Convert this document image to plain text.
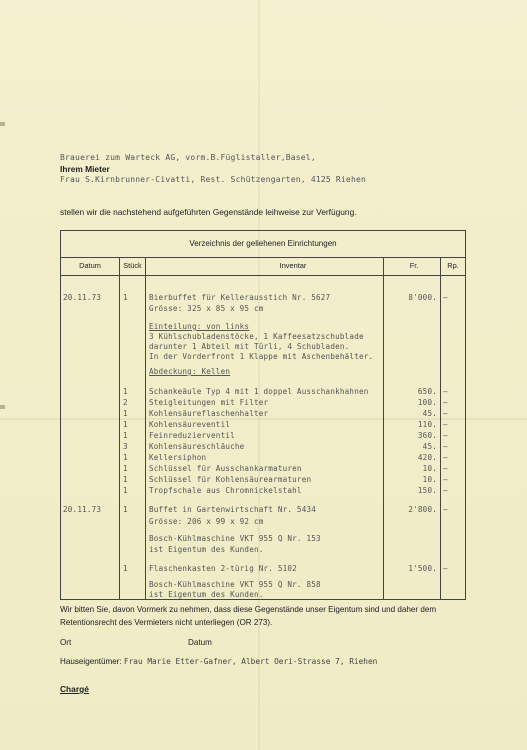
Brauerei zum Warteck AG, vorm.B.Füglistaller,Basel,
Ihrem Mieter
Frau S.Kirnbrunner-Civatti, Rest. Schützengarten, 4125 Riehen
stellen wir die nachstehend aufgeführten Gegenstände leihweise zur Verfügung.
Verzeichnis der geliehenen Einrichtungen
Datum	Stück	Inventar	Fr.	Rp.
20.11.73	1	Bierbuffet für Kellerausstich Nr. 5627	8'000. —
Grösse: 325 x 85 x 95 cm
Einteilung: von links
3 Kühlschubladenstöcke, 1 Kaffeesatzschublade
darunter 1 Abteil mit Türli, 4 Schubladen.
In der Vorderfront 1 Klappe mit Aschenbehälter.
Abdeckung: Kellen
1	Schankeäule Typ 4 mit 1 doppel Ausschankhahnen	650. —
2	Steigleitungen mit Filter	100. —
1	Kohlensäureflaschenhalter	45. —
1	Kohlensäureventil	110. —
1	Feinreduzierventil	360. —
3	Kohlensäureschläuche	45. —
1	Kellersiphon	420. —
1	Schlüssel für Ausschankarmaturen	10. —
1	Schlüssel für Kohlensäurearmaturen	10. —
1	Tropfschale aus Chromnickelstahl	150. —
20.11.73	1	Buffet in Gartenwirtschaft Nr. 5434	2'800. —
Grösse: 206 x 99 x 92 cm
Bosch-Kühlmaschine VKT 955 Q Nr. 153
ist Eigentum des Kunden.
1	Flaschenkasten 2-türig Nr. 5102	1'500. —
Bosch-Kühlmaschine VKT 955 Q Nr. 858
ist Eigentum des Kunden.
Wir bitten Sie, davon Vormerk zu nehmen, dass diese Gegenstände unser Eigentum sind und daher dem Retentionsrecht des Vermieters nicht unterliegen (OR 273).
Ort	Datum
Hauseigentümer: Frau Marie Etter-Gafner, Albert Oeri-Strasse 7, Riehen
Chargé
